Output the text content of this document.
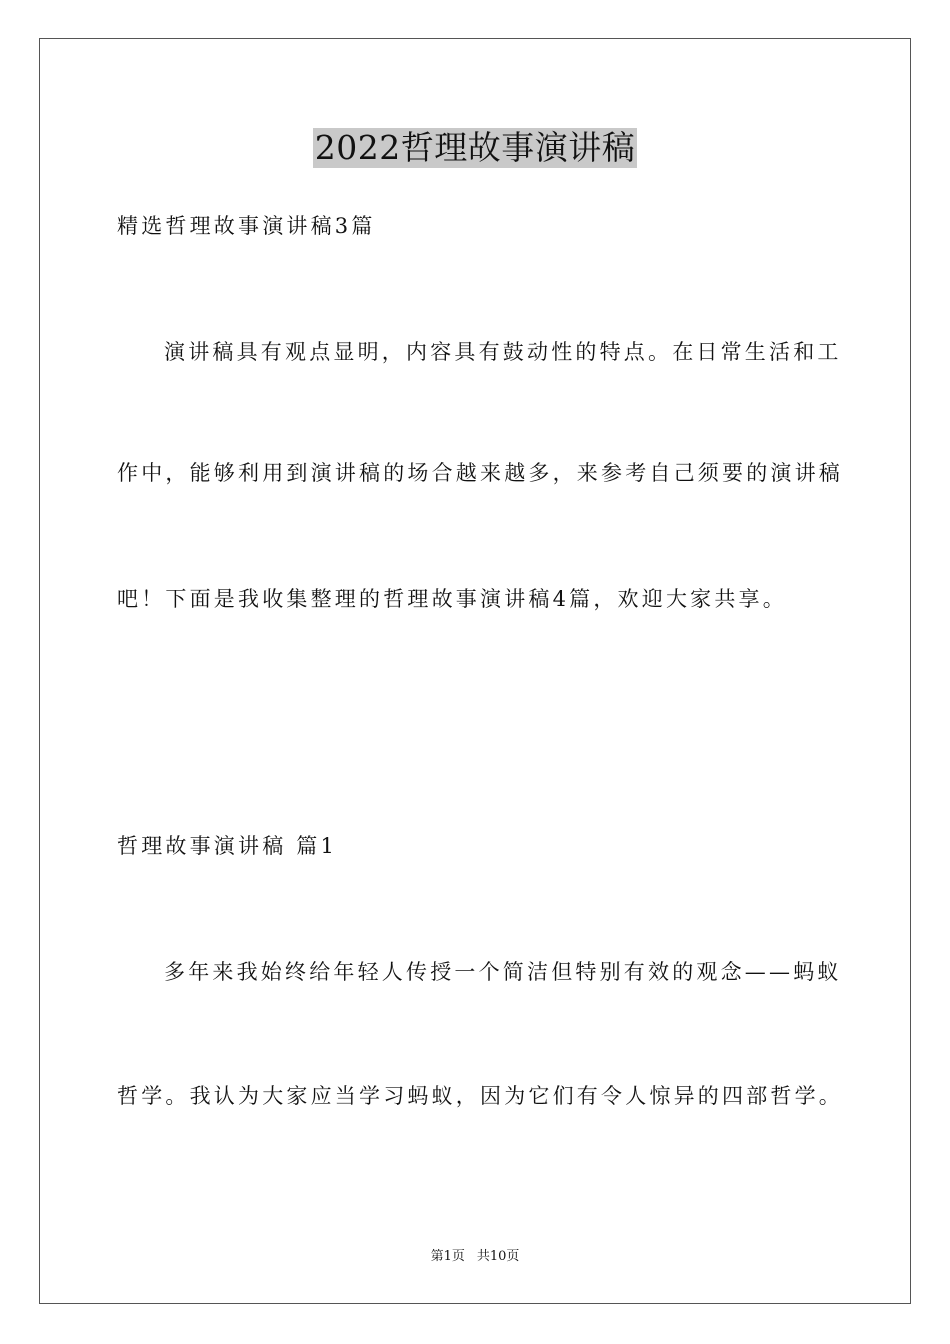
2022哲理故事演讲稿
精选哲理故事演讲稿3篇
演讲稿具有观点显明，内容具有鼓动性的特点。在日常生活和工
作中，能够利用到演讲稿的场合越来越多，来参考自己须要的演讲稿
吧！下面是我收集整理的哲理故事演讲稿4篇，欢迎大家共享。
哲理故事演讲稿 篇1
多年来我始终给年轻人传授一个简洁但特别有效的观念——蚂蚁
哲学。我认为大家应当学习蚂蚁，因为它们有令人惊异的四部哲学。
第1页 共10页
